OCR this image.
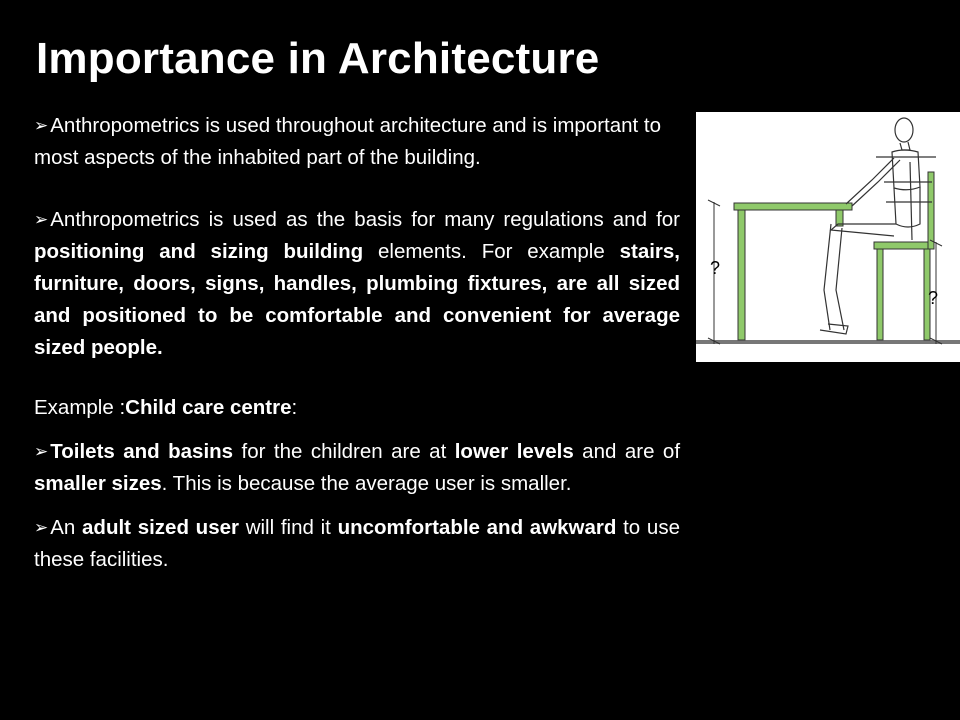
Importance in Architecture

➢Anthropometrics is used throughout architecture and is important to most aspects of the inhabited part of the building.

➢Anthropometrics is used as the basis for many regulations and for positioning and sizing building elements. For example stairs, furniture, doors, signs, handles, plumbing fixtures, are all sized and positioned to be comfortable and convenient for average sized people.

Example :Child care centre:

➢Toilets and basins for the children are at lower levels and are of smaller sizes. This is because the average user is smaller.

➢An adult sized user will find it uncomfortable and awkward to use these facilities.

?
?
